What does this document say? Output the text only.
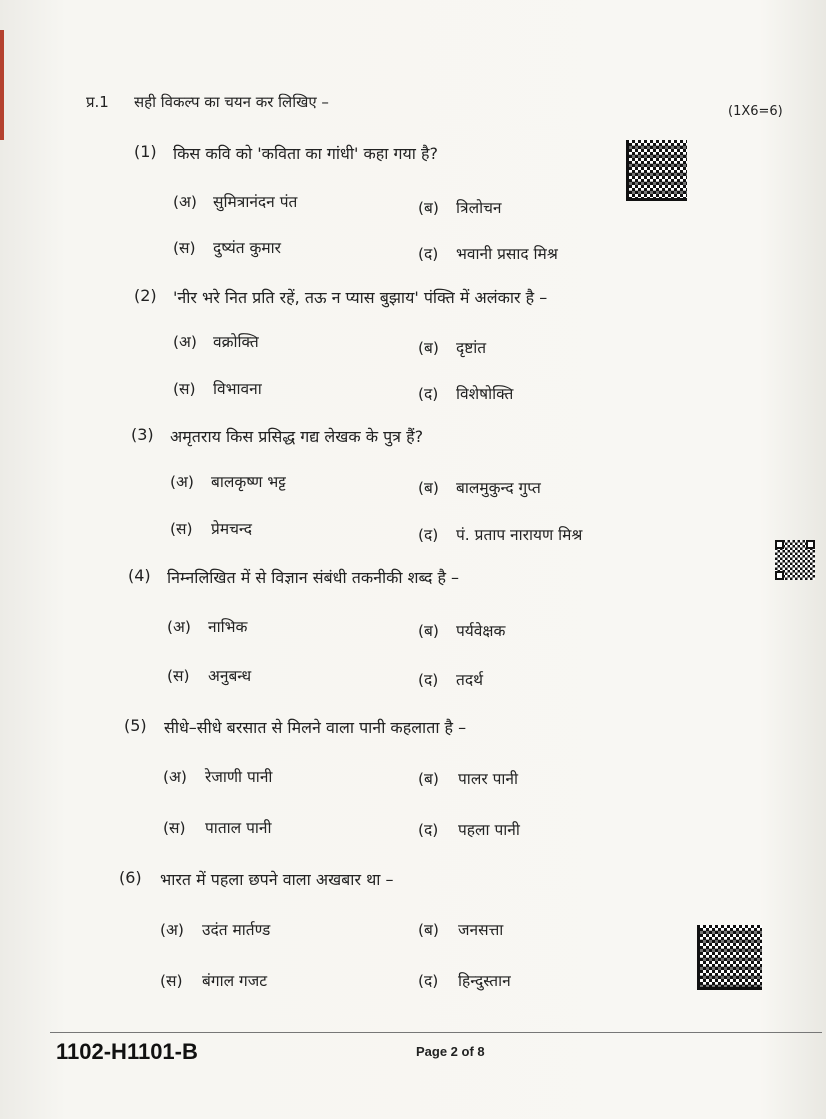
प्र.1 सही विकल्प का चयन कर लिखिए –
(1X6=6)
(1) किस कवि को 'कविता का गांधी' कहा गया है?
(अ) सुमित्रानंदन पंत	(ब) त्रिलोचन
(स) दुष्यंत कुमार	(द) भवानी प्रसाद मिश्र
(2) 'नीर भरे नित प्रति रहें, तऊ न प्यास बुझाय' पंक्ति में अलंकार है –
(अ) वक्रोक्ति	(ब) दृष्टांत
(स) विभावना	(द) विशेषोक्ति
(3) अमृतराय किस प्रसिद्ध गद्य लेखक के पुत्र हैं?
(अ) बालकृष्ण भट्ट	(ब) बालमुकुन्द गुप्त
(स) प्रेमचन्द	(द) पं. प्रताप नारायण मिश्र
(4) निम्नलिखित में से विज्ञान संबंधी तकनीकी शब्द है –
(अ) नाभिक	(ब) पर्यवेक्षक
(स) अनुबन्ध	(द) तदर्थ
(5) सीधे–सीधे बरसात से मिलने वाला पानी कहलाता है –
(अ) रेजाणी पानी	(ब) पालर पानी
(स) पाताल पानी	(द) पहला पानी
(6) भारत में पहला छपने वाला अखबार था –
(अ) उदंत मार्तण्ड	(ब) जनसत्ता
(स) बंगाल गजट	(द) हिन्दुस्तान
1102-H1101-B	Page 2 of 8
